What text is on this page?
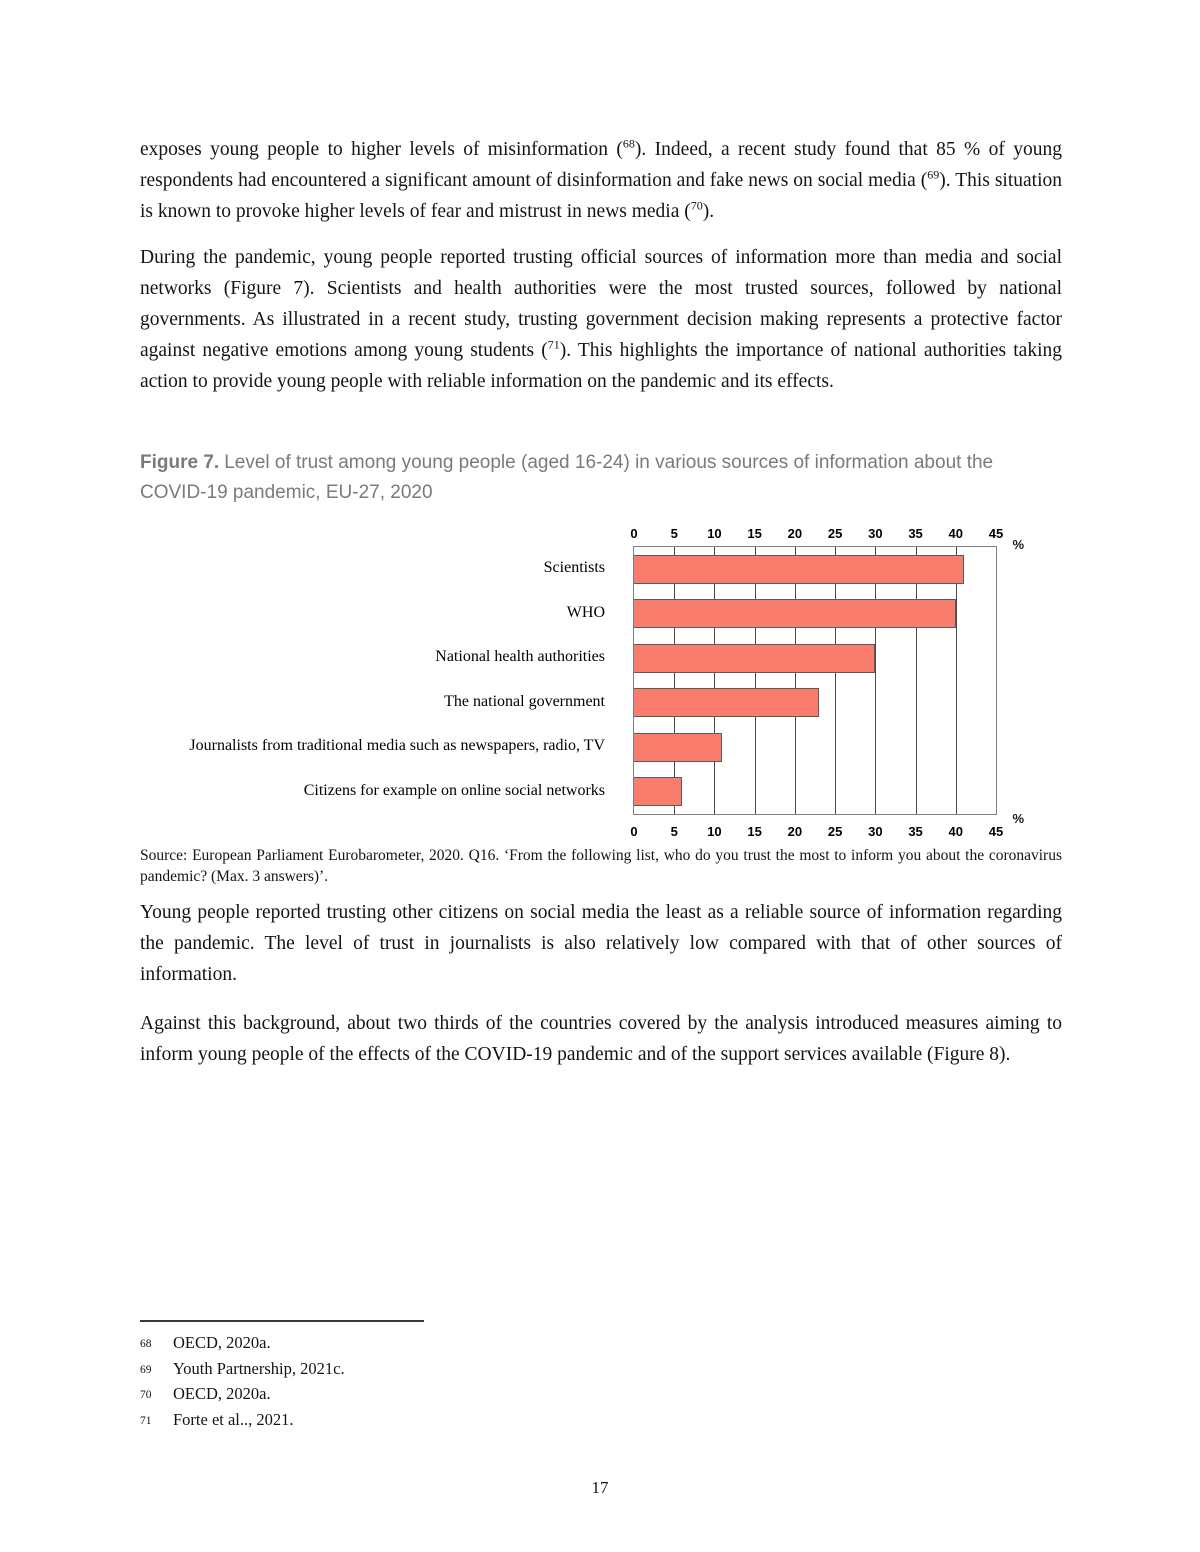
exposes young people to higher levels of misinformation ($^{68}$). Indeed, a recent study found that 85 % of young respondents had encountered a significant amount of disinformation and fake news on social media ($^{69}$). This situation is known to provoke higher levels of fear and mistrust in news media ($^{70}$).

During the pandemic, young people reported trusting official sources of information more than media and social networks (Figure 7). Scientists and health authorities were the most trusted sources, followed by national governments. As illustrated in a recent study, trusting government decision making represents a protective factor against negative emotions among young students ($^{71}$). This highlights the importance of national authorities taking action to provide young people with reliable information on the pandemic and its effects.

Figure 7. Level of trust among young people (aged 16-24) in various sources of information about the COVID-19 pandemic, EU-27, 2020
Scientists
WHO
National health authorities
The national government
Journalists from traditional media such as newspapers, radio, TV
Citizens for example on online social networks
0	5	10 15 20 25 30 35 40 45
0	5	10 15 20 25 30 35 40 45
%
%

Source: European Parliament Eurobarometer, 2020. Q16. ‘From the following list, who do you trust the most to inform you about the coronavirus pandemic? (Max. 3 answers)’.

Young people reported trusting other citizens on social media the least as a reliable source of information regarding the pandemic. The level of trust in journalists is also relatively low compared with that of other sources of information.

Against this background, about two thirds of the countries covered by the analysis introduced measures aiming to inform young people of the effects of the COVID-19 pandemic and of the support services available (Figure 8).

68	OECD, 2020a.
69	Youth Partnership, 2021c.
70	OECD, 2020a.
71	Forte et al.., 2021.
17
